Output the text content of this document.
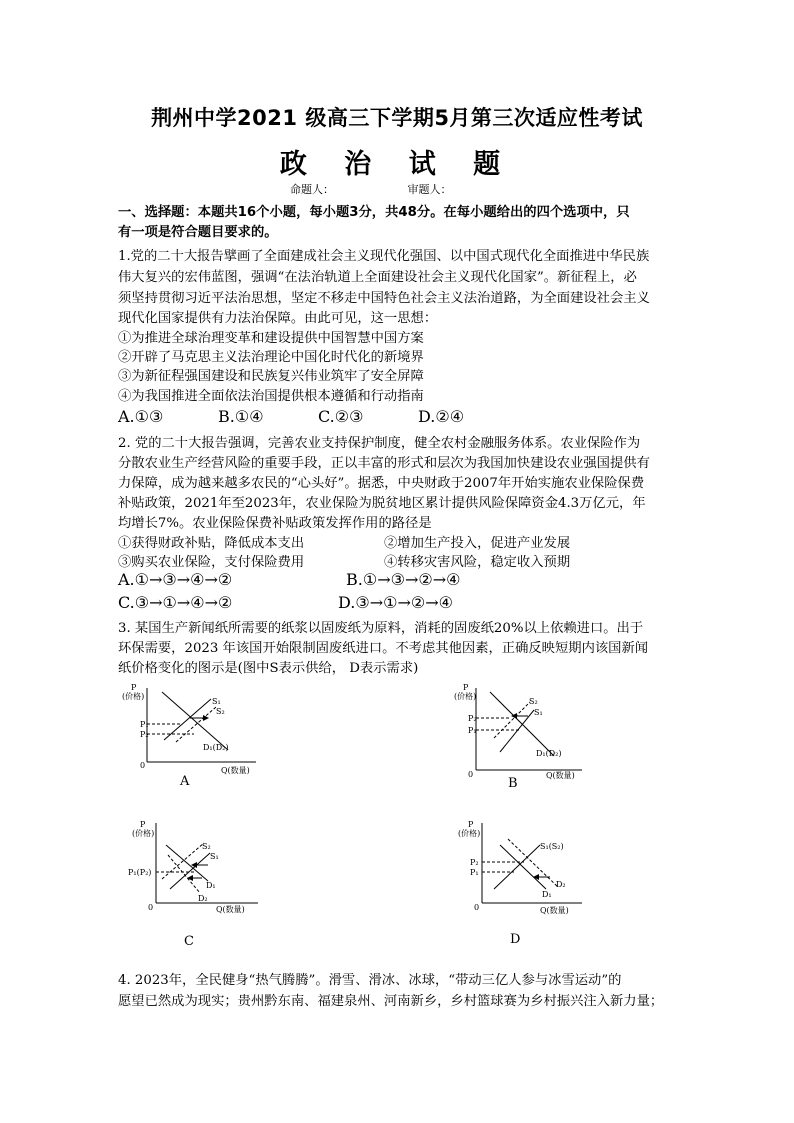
荆州中学2021 级高三下学期5月第三次适应性考试
政 治 试 题
命题人：	审题人：
一、选择题：本题共16个小题，每小题3分，共48分。在每小题给出的四个选项中，只
有一项是符合题目要求的。
1.党的二十大报告擘画了全面建成社会主义现代化强国、以中国式现代化全面推进中华民族
伟大复兴的宏伟蓝图，强调“在法治轨道上全面建设社会主义现代化国家”。新征程上，必
须坚持贯彻习近平法治思想，坚定不移走中国特色社会主义法治道路，为全面建设社会主义
现代化国家提供有力法治保障。由此可见，这一思想：
①为推进全球治理变革和建设提供中国智慧中国方案
②开辟了马克思主义法治理论中国化时代化的新境界
③为新征程强国建设和民族复兴伟业筑牢了安全屏障
④为我国推进全面依法治国提供根本遵循和行动指南
A.①③	B.①④	C.②③	D.②④
2. 党的二十大报告强调，完善农业支持保护制度，健全农村金融服务体系。农业保险作为
分散农业生产经营风险的重要手段，正以丰富的形式和层次为我国加快建设农业强国提供有
力保障，成为越来越多农民的“心头好”。据悉，中央财政于2007年开始实施农业保险保费
补贴政策，2021年至2023年，农业保险为脱贫地区累计提供风险保障资金4.3万亿元，年
均增长7%。农业保险保费补贴政策发挥作用的路径是
①获得财政补贴，降低成本支出	②增加生产投入，促进产业发展
③购买农业保险，支付保险费用	④转移灾害风险，稳定收入预期
A.①→③→④→②	B.①→③→②→④
C.③→①→④→②	D.③→①→②→④
3. 某国生产新闻纸所需要的纸浆以固废纸为原料，消耗的固废纸20%以上依赖进口。出于
环保需要，2023 年该国开始限制固废纸进口。不考虑其他因素，正确反映短期内该国新闻
纸价格变化的图示是(图中S表示供给， D表示需求)
P
(价格)
P₁
P₂
S₁
S₂
D₁(D₂)
0
Q(数量)
A
P
(价格)
P₂
P₁
S₂
S₁
D₁(D₂)
0	Q(数量)
B
P
(价格)
P₁(P₂)
S₂
S₁
D₁
D₂
0	Q(数量)
C
P
(价格)
P₂
P₁
S₁(S₂)
D₂
D₁
0	Q(数量)
D
4. 2023年，全民健身“热气腾腾”。滑雪、滑冰、冰球，“带动三亿人参与冰雪运动”的
愿望已然成为现实；贵州黔东南、福建泉州、河南新乡，乡村篮球赛为乡村振兴注入新力量；
